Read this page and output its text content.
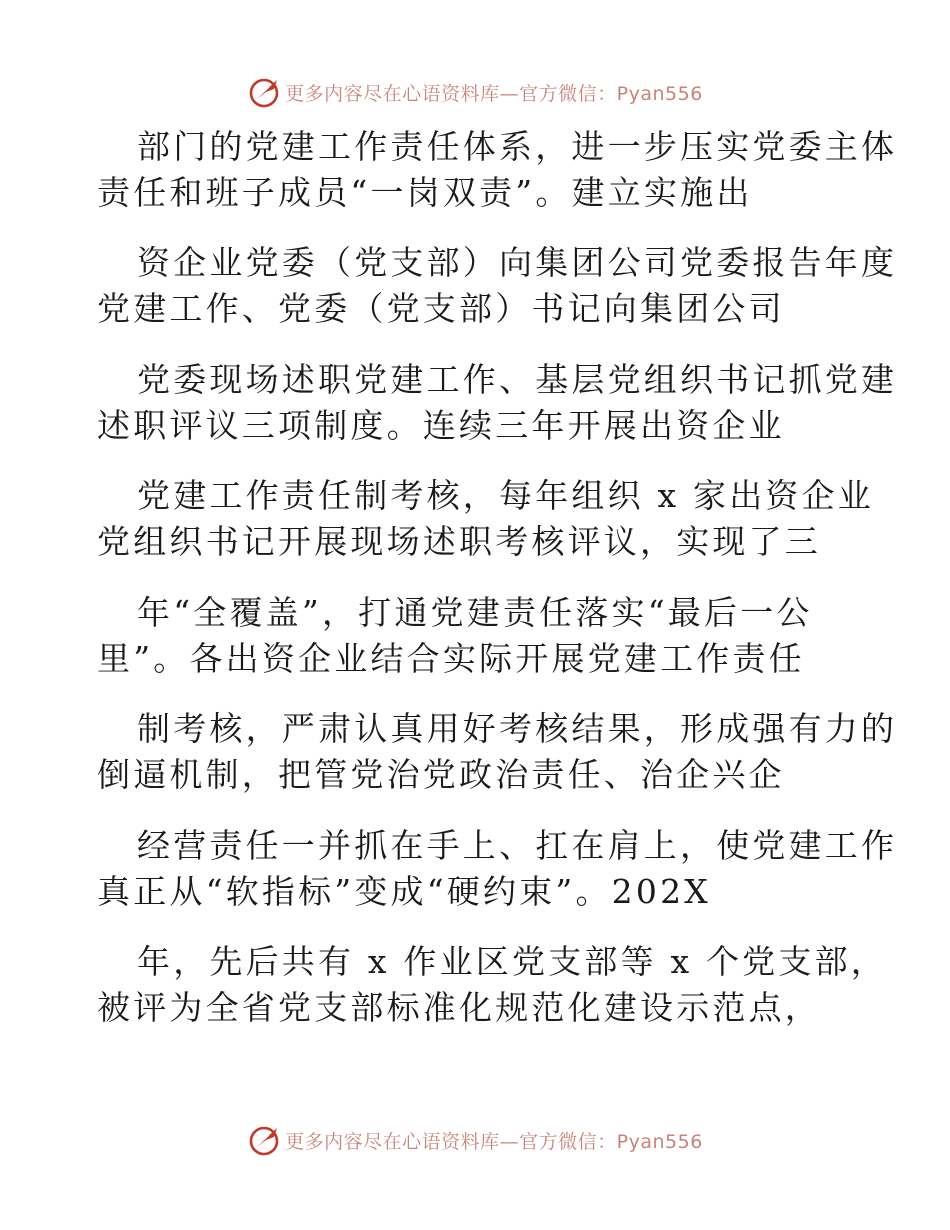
更多内容尽在心语资料库—官方微信：Pyan556
部门的党建工作责任体系，进一步压实党委主体
责任和班子成员“一岗双责”。建立实施出
资企业党委（党支部）向集团公司党委报告年度
党建工作、党委（党支部）书记向集团公司
党委现场述职党建工作、基层党组织书记抓党建
述职评议三项制度。连续三年开展出资企业
党建工作责任制考核，每年组织 x 家出资企业
党组织书记开展现场述职考核评议，实现了三
年“全覆盖”，打通党建责任落实“最后一公
里”。各出资企业结合实际开展党建工作责任
制考核，严肃认真用好考核结果，形成强有力的
倒逼机制，把管党治党政治责任、治企兴企
经营责任一并抓在手上、扛在肩上，使党建工作
真正从“软指标”变成“硬约束”。202X
年，先后共有 x 作业区党支部等 x 个党支部，
被评为全省党支部标准化规范化建设示范点，
更多内容尽在心语资料库—官方微信：Pyan556
